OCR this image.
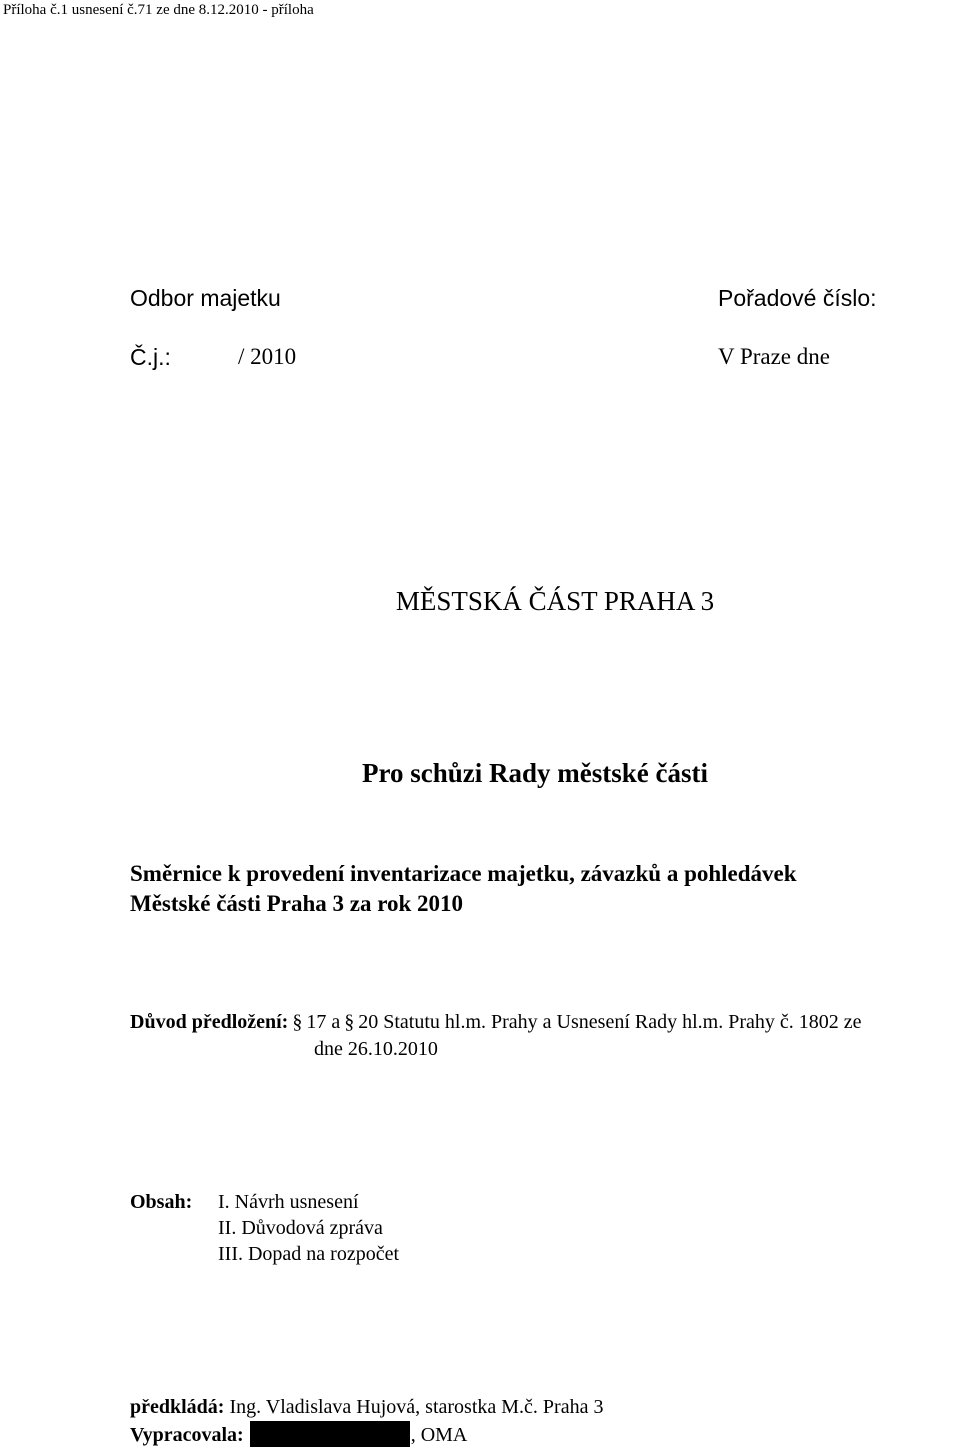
Příloha č.1 usnesení č.71 ze dne 8.12.2010 - příloha

Odbor majetku	Pořadové číslo:

Č.j.:	/ 2010	V Praze dne

MĚSTSKÁ ČÁST PRAHA 3

Pro schůzi Rady městské části

Směrnice k provedení inventarizace majetku, závazků a pohledávek

Městské části Praha 3 za rok 2010

Důvod předložení: § 17 a § 20 Statutu hl.m. Prahy a Usnesení Rady hl.m. Prahy č. 1802 ze

dne 26.10.2010

Obsah: I. Návrh usnesení

II. Důvodová zpráva

III. Dopad na rozpočet

předkládá: Ing. Vladislava Hujová, starostka M.č. Praha 3

Vypracovala:	, OMA
